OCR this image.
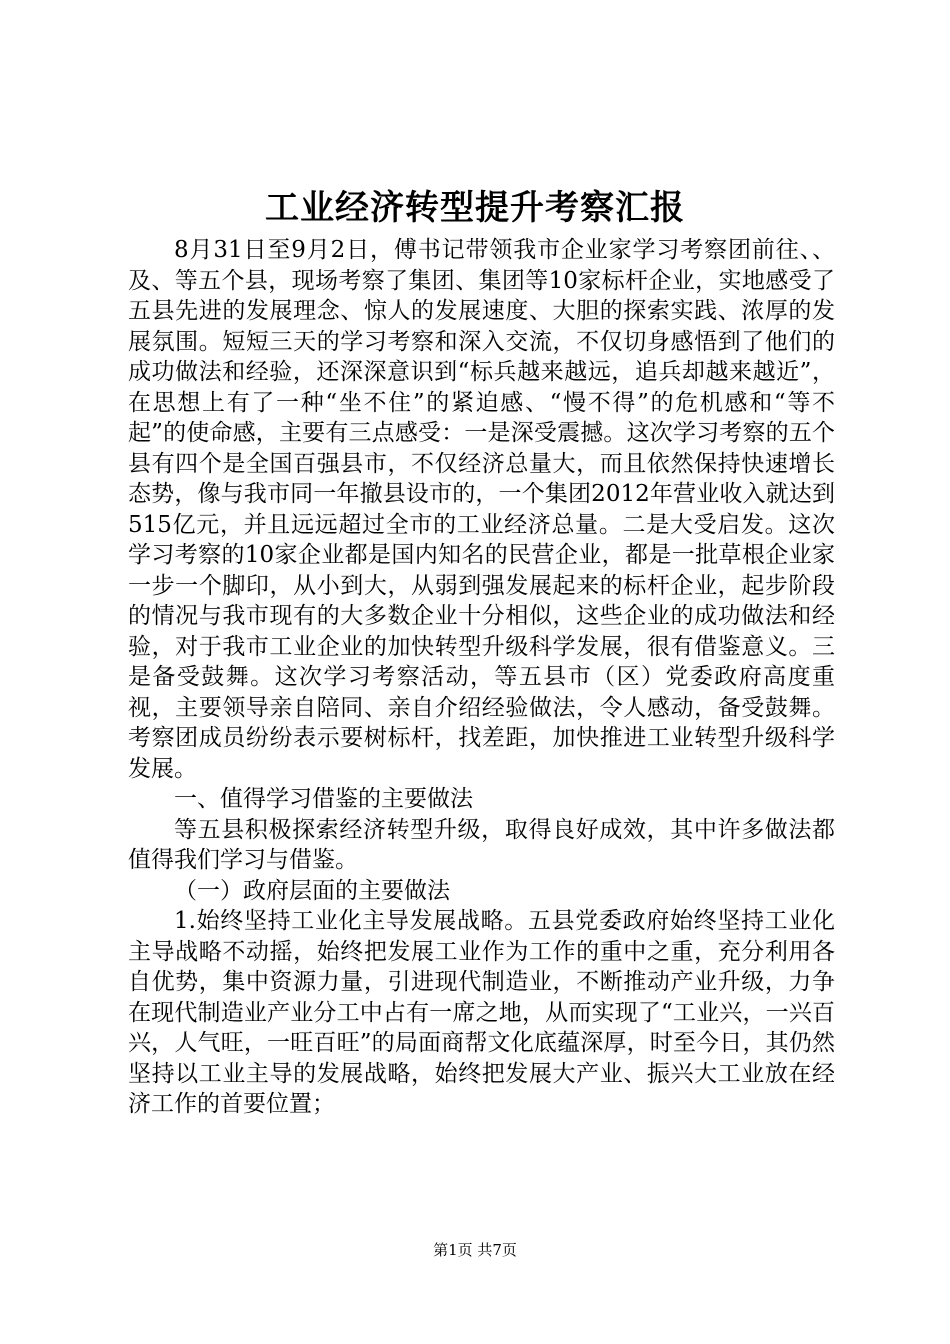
工业经济转型提升考察汇报

8月31日至9月2日，傅书记带领我市企业家学习考察团前往、、及、等五个县，现场考察了集团、集团等10家标杆企业，实地感受了五县先进的发展理念、惊人的发展速度、大胆的探索实践、浓厚的发展氛围。短短三天的学习考察和深入交流，不仅切身感悟到了他们的成功做法和经验，还深深意识到“标兵越来越远，追兵却越来越近”，在思想上有了一种“坐不住”的紧迫感、“慢不得”的危机感和“等不起”的使命感，主要有三点感受：一是深受震撼。这次学习考察的五个县有四个是全国百强县市，不仅经济总量大，而且依然保持快速增长态势，像与我市同一年撤县设市的，一个集团2012年营业收入就达到515亿元，并且远远超过全市的工业经济总量。二是大受启发。这次学习考察的10家企业都是国内知名的民营企业，都是一批草根企业家一步一个脚印，从小到大，从弱到强发展起来的标杆企业，起步阶段的情况与我市现有的大多数企业十分相似，这些企业的成功做法和经验，对于我市工业企业的加快转型升级科学发展，很有借鉴意义。三是备受鼓舞。这次学习考察活动，等五县市（区）党委政府高度重视，主要领导亲自陪同、亲自介绍经验做法，令人感动，备受鼓舞。考察团成员纷纷表示要树标杆，找差距，加快推进工业转型升级科学发展。

一、值得学习借鉴的主要做法

等五县积极探索经济转型升级，取得良好成效，其中许多做法都值得我们学习与借鉴。

（一）政府层面的主要做法

1.始终坚持工业化主导发展战略。五县党委政府始终坚持工业化主导战略不动摇，始终把发展工业作为工作的重中之重，充分利用各自优势，集中资源力量，引进现代制造业，不断推动产业升级，力争在现代制造业产业分工中占有一席之地，从而实现了“工业兴，一兴百兴，人气旺，一旺百旺”的局面商帮文化底蕴深厚，时至今日，其仍然坚持以工业主导的发展战略，始终把发展大产业、振兴大工业放在经济工作的首要位置；

第1页 共7页
